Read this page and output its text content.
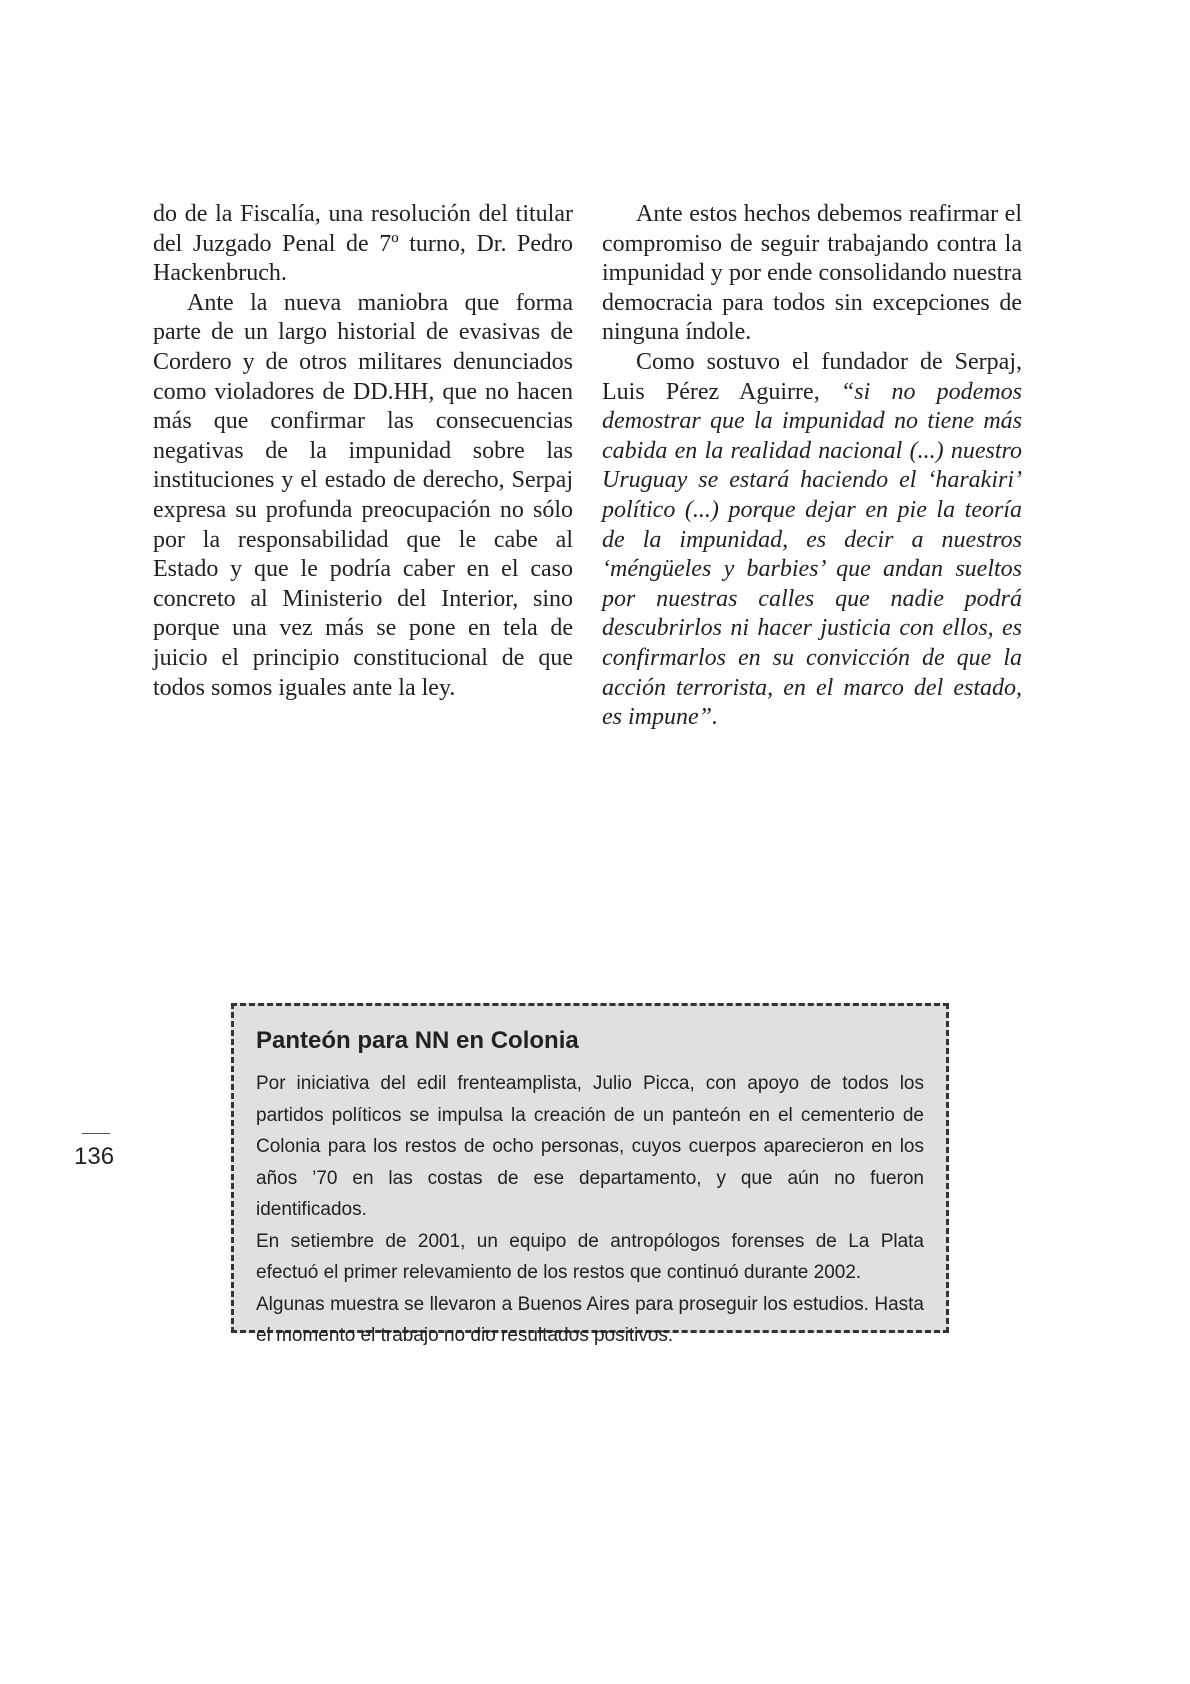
do de la Fiscalía, una resolución del titular del Juzgado Penal de 7º turno, Dr. Pedro Hackenbruch.

Ante la nueva maniobra que forma parte de un largo historial de evasivas de Cordero y de otros militares denunciados como violadores de DD.HH, que no hacen más que confirmar las consecuencias negativas de la impunidad sobre las instituciones y el estado de derecho, Serpaj expresa su profunda preocupación no sólo por la responsabilidad que le cabe al Estado y que le podría caber en el caso concreto al Ministerio del Interior, sino porque una vez más se pone en tela de juicio el principio constitucional de que todos somos iguales ante la ley.

Ante estos hechos debemos reafirmar el compromiso de seguir trabajando contra la impunidad y por ende consolidando nuestra democracia para todos sin excepciones de ninguna índole.

Como sostuvo el fundador de Serpaj, Luis Pérez Aguirre, “si no podemos demostrar que la impunidad no tiene más cabida en la realidad nacional (...) nuestro Uruguay se estará haciendo el ‘harakiri’ político (...) porque dejar en pie la teoría de la impunidad, es decir a nuestros ‘méngüeles y barbies’ que andan sueltos por nuestras calles que nadie podrá descubrirlos ni hacer justicia con ellos, es confirmarlos en su convicción de que la acción terrorista, en el marco del estado, es impune”.

136
Panteón para NN en Colonia

Por iniciativa del edil frenteamplista, Julio Picca, con apoyo de todos los partidos políticos se impulsa la creación de un panteón en el cementerio de Colonia para los restos de ocho personas, cuyos cuerpos aparecieron en los años ’70 en las costas de ese departamento, y que aún no fueron identificados.

En setiembre de 2001, un equipo de antropólogos forenses de La Plata efectuó el primer relevamiento de los restos que continuó durante 2002.

Algunas muestra se llevaron a Buenos Aires para proseguir los estudios. Hasta el momento el trabajo no dio resultados positivos.
